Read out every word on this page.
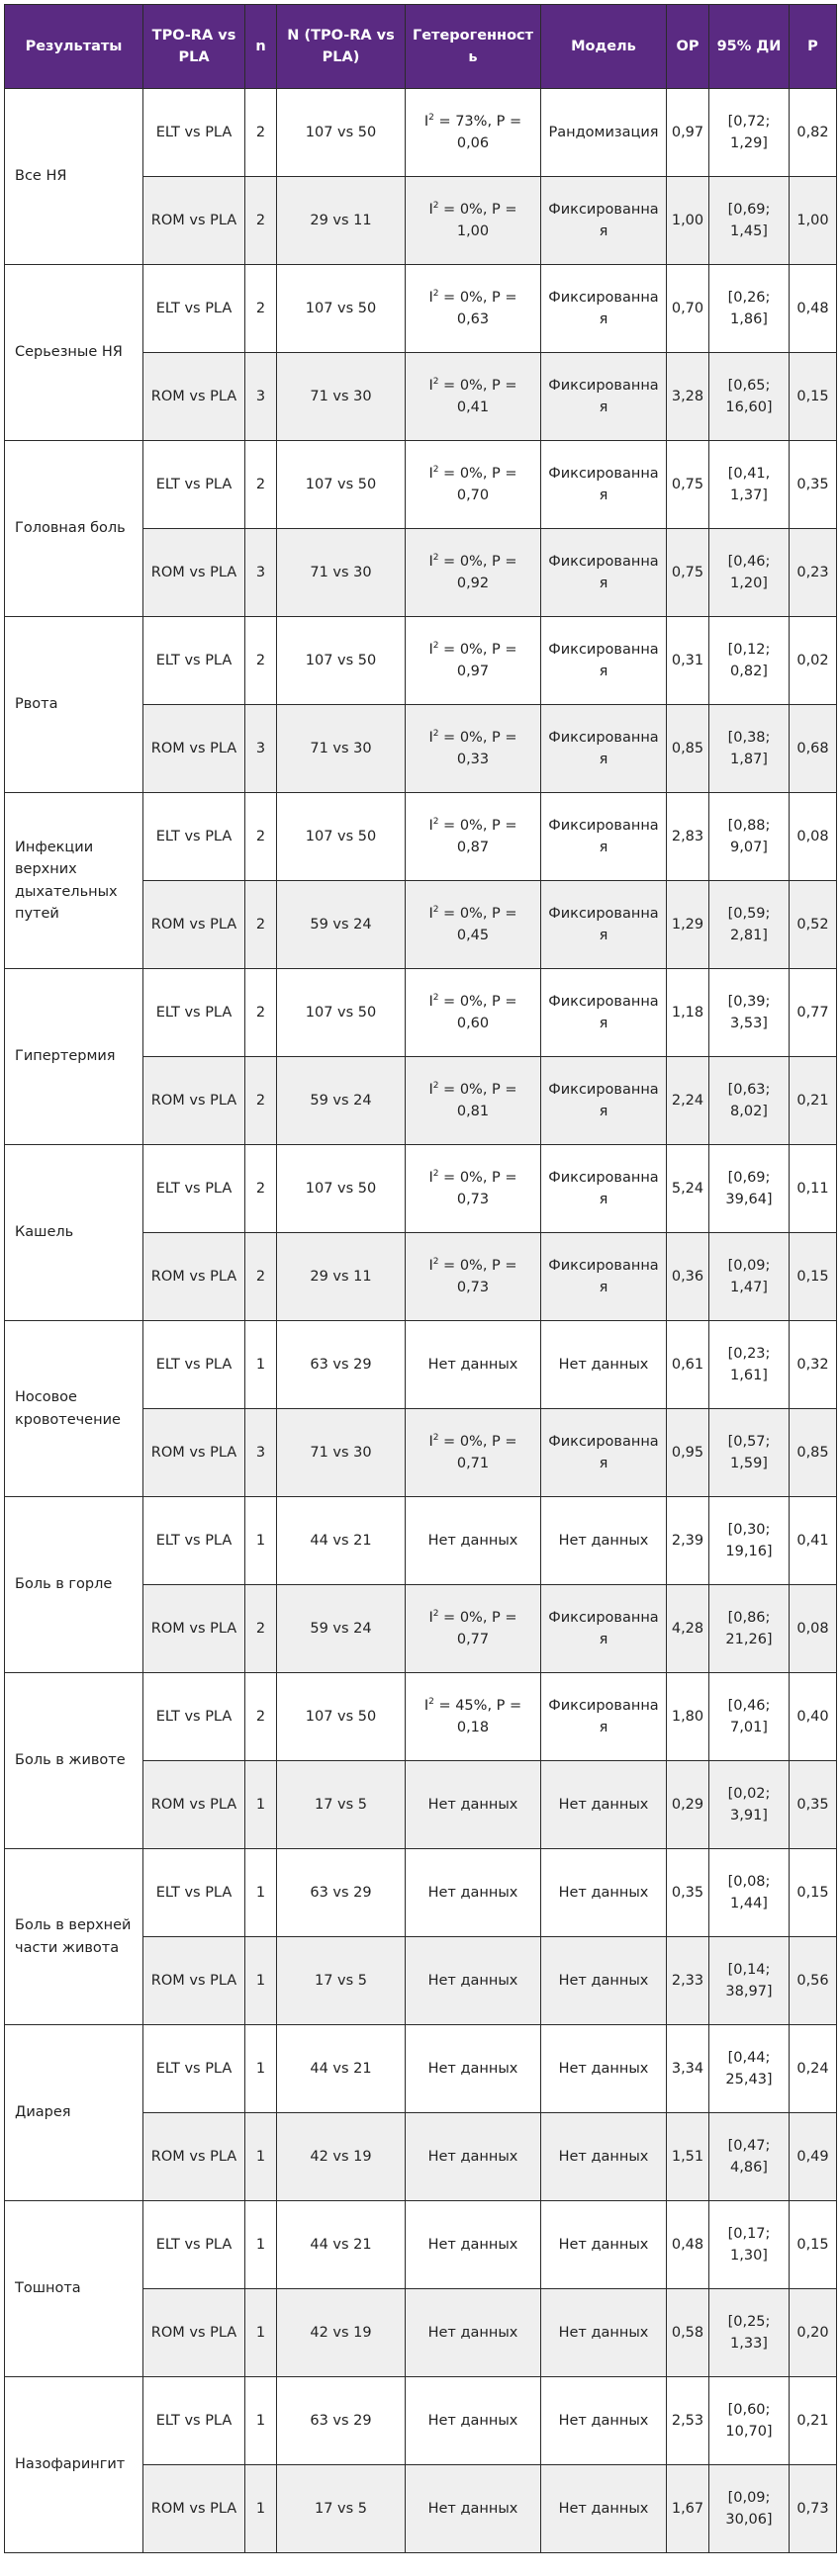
Результаты	TPO-RA vs PLA	n	N (TPO-RA vs PLA)	Гетерогенность	Модель	ОР	95% ДИ	P
Все НЯ	ELT vs PLA	2	107 vs 50	$I^2 = 73\%$, P = 0,06	Рандомизация	0,97	[0,72; 1,29]	0,82
	ROM vs PLA	2	29 vs 11	$I^2 = 0\%$, P = 1,00	Фиксированная	1,00	[0,69; 1,45]	1,00
Серьезные НЯ	ELT vs PLA	2	107 vs 50	$I^2 = 0\%$, P = 0,63	Фиксированная	0,70	[0,26; 1,86]	0,48
	ROM vs PLA	3	71 vs 30	$I^2 = 0\%$, P = 0,41	Фиксированная	3,28	[0,65; 16,60]	0,15
Головная боль	ELT vs PLA	2	107 vs 50	$I^2 = 0\%$, P = 0,70	Фиксированная	0,75	[0,41, 1,37]	0,35
	ROM vs PLA	3	71 vs 30	$I^2 = 0\%$, P = 0,92	Фиксированная	0,75	[0,46; 1,20]	0,23
Рвота	ELT vs PLA	2	107 vs 50	$I^2 = 0\%$, P = 0,97	Фиксированная	0,31	[0,12; 0,82]	0,02
	ROM vs PLA	3	71 vs 30	$I^2 = 0\%$, P = 0,33	Фиксированная	0,85	[0,38; 1,87]	0,68
Инфекции верхних дыхательных путей	ELT vs PLA	2	107 vs 50	$I^2 = 0\%$, P = 0,87	Фиксированная	2,83	[0,88; 9,07]	0,08
	ROM vs PLA	2	59 vs 24	$I^2 = 0\%$, P = 0,45	Фиксированная	1,29	[0,59; 2,81]	0,52
Гипертермия	ELT vs PLA	2	107 vs 50	$I^2 = 0\%$, P = 0,60	Фиксированная	1,18	[0,39; 3,53]	0,77
	ROM vs PLA	2	59 vs 24	$I^2 = 0\%$, P = 0,81	Фиксированная	2,24	[0,63; 8,02]	0,21
Кашель	ELT vs PLA	2	107 vs 50	$I^2 = 0\%$, P = 0,73	Фиксированная	5,24	[0,69; 39,64]	0,11
	ROM vs PLA	2	29 vs 11	$I^2 = 0\%$, P = 0,73	Фиксированная	0,36	[0,09; 1,47]	0,15
Носовое кровотечение	ELT vs PLA	1	63 vs 29	Нет данных	Нет данных	0,61	[0,23; 1,61]	0,32
	ROM vs PLA	3	71 vs 30	$I^2 = 0\%$, P = 0,71	Фиксированная	0,95	[0,57; 1,59]	0,85
Боль в горле	ELT vs PLA	1	44 vs 21	Нет данных	Нет данных	2,39	[0,30; 19,16]	0,41
	ROM vs PLA	2	59 vs 24	$I^2 = 0\%$, P = 0,77	Фиксированная	4,28	[0,86; 21,26]	0,08
Боль в животе	ELT vs PLA	2	107 vs 50	$I^2 = 45\%$, P = 0,18	Фиксированная	1,80	[0,46; 7,01]	0,40
	ROM vs PLA	1	17 vs 5	Нет данных	Нет данных	0,29	[0,02; 3,91]	0,35
Боль в верхней части живота	ELT vs PLA	1	63 vs 29	Нет данных	Нет данных	0,35	[0,08; 1,44]	0,15
	ROM vs PLA	1	17 vs 5	Нет данных	Нет данных	2,33	[0,14; 38,97]	0,56
Диарея	ELT vs PLA	1	44 vs 21	Нет данных	Нет данных	3,34	[0,44; 25,43]	0,24
	ROM vs PLA	1	42 vs 19	Нет данных	Нет данных	1,51	[0,47; 4,86]	0,49
Тошнота	ELT vs PLA	1	44 vs 21	Нет данных	Нет данных	0,48	[0,17; 1,30]	0,15
	ROM vs PLA	1	42 vs 19	Нет данных	Нет данных	0,58	[0,25; 1,33]	0,20
Назофарингит	ELT vs PLA	1	63 vs 29	Нет данных	Нет данных	2,53	[0,60; 10,70]	0,21
	ROM vs PLA	1	17 vs 5	Нет данных	Нет данных	1,67	[0,09; 30,06]	0,73
